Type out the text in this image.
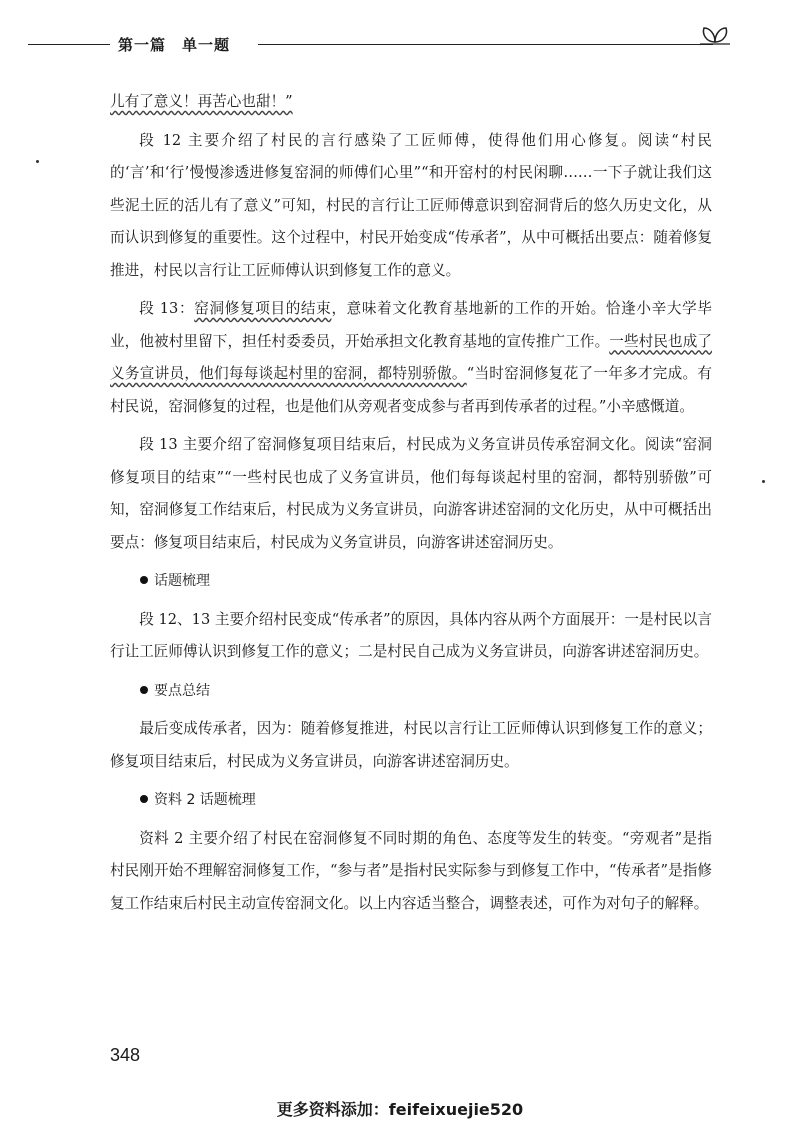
第一篇　单一题

儿有了意义！再苦心也甜！”

段 12 主要介绍了村民的言行感染了工匠师傅，使得他们用心修复。阅读“村民的‘言’和‘行’慢慢渗透进修复窑洞的师傅们心里”“和开窑村的村民闲聊……一下子就让我们这些泥土匠的活儿有了意义”可知，村民的言行让工匠师傅意识到窑洞背后的悠久历史文化，从而认识到修复的重要性。这个过程中，村民开始变成“传承者”，从中可概括出要点：随着修复推进，村民以言行让工匠师傅认识到修复工作的意义。

段 13：窑洞修复项目的结束，意味着文化教育基地新的工作的开始。恰逢小辛大学毕业，他被村里留下，担任村委委员，开始承担文化教育基地的宣传推广工作。一些村民也成了义务宣讲员，他们每每谈起村里的窑洞，都特别骄傲。“当时窑洞修复花了一年多才完成。有村民说，窑洞修复的过程，也是他们从旁观者变成参与者再到传承者的过程。”小辛感慨道。

段 13 主要介绍了窑洞修复项目结束后，村民成为义务宣讲员传承窑洞文化。阅读“窑洞修复项目的结束”“一些村民也成了义务宣讲员，他们每每谈起村里的窑洞，都特别骄傲”可知，窑洞修复工作结束后，村民成为义务宣讲员，向游客讲述窑洞的文化历史，从中可概括出要点：修复项目结束后，村民成为义务宣讲员，向游客讲述窑洞历史。

话题梳理

段 12、13 主要介绍村民变成“传承者”的原因，具体内容从两个方面展开：一是村民以言行让工匠师傅认识到修复工作的意义；二是村民自己成为义务宣讲员，向游客讲述窑洞历史。

要点总结

最后变成传承者，因为：随着修复推进，村民以言行让工匠师傅认识到修复工作的意义；修复项目结束后，村民成为义务宣讲员，向游客讲述窑洞历史。

资料 2 话题梳理

资料 2 主要介绍了村民在窑洞修复不同时期的角色、态度等发生的转变。“旁观者”是指村民刚开始不理解窑洞修复工作，“参与者”是指村民实际参与到修复工作中，“传承者”是指修复工作结束后村民主动宣传窑洞文化。以上内容适当整合，调整表述，可作为对句子的解释。

348
更多资料添加：feifeixuejie520
